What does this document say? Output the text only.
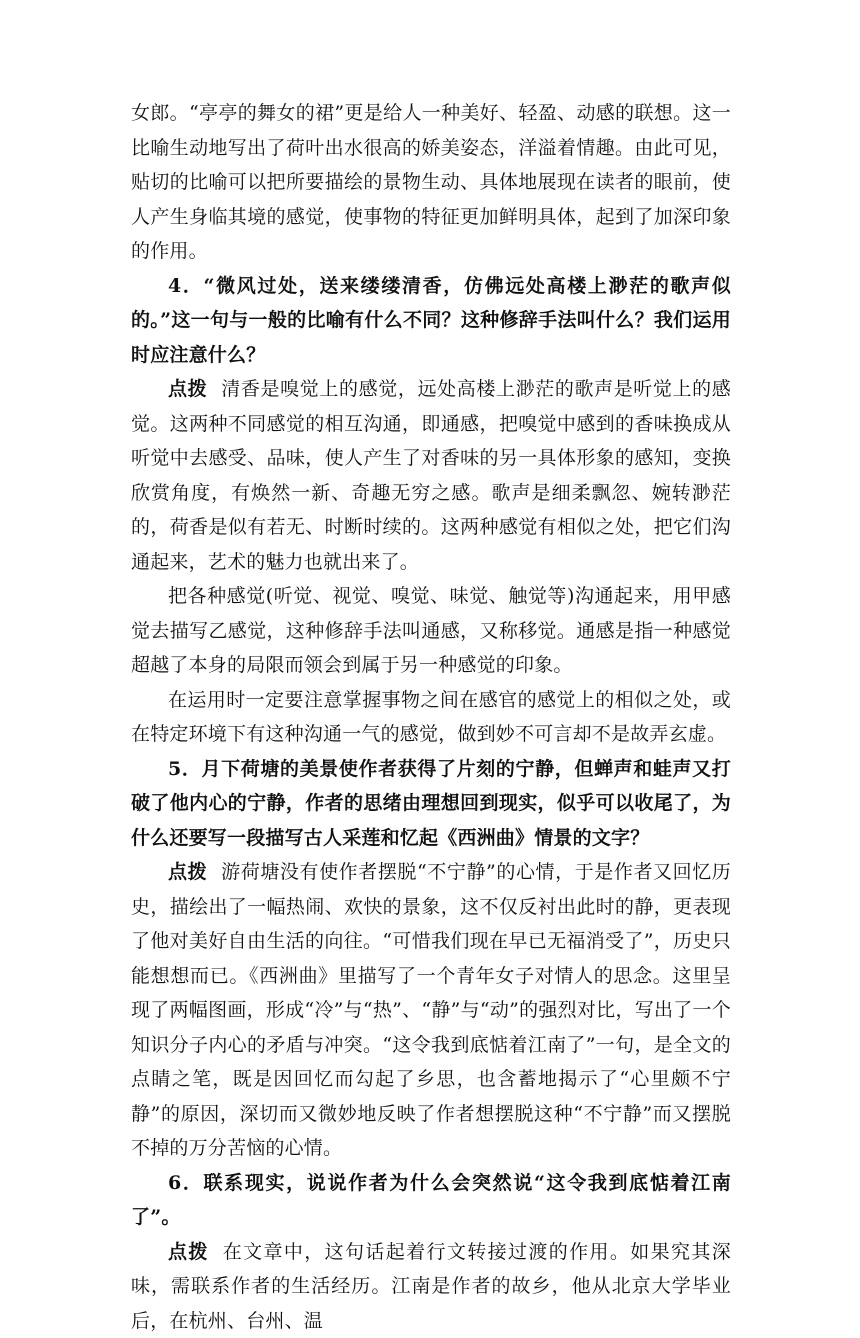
女郎。“亭亭的舞女的裙”更是给人一种美好、轻盈、动感的联想。这一比喻生动地写出了荷叶出水很高的娇美姿态，洋溢着情趣。由此可见，贴切的比喻可以把所要描绘的景物生动、具体地展现在读者的眼前，使人产生身临其境的感觉，使事物的特征更加鲜明具体，起到了加深印象的作用。

4．“微风过处，送来缕缕清香，仿佛远处高楼上渺茫的歌声似的。”这一句与一般的比喻有什么不同？这种修辞手法叫什么？我们运用时应注意什么？

点拨 清香是嗅觉上的感觉，远处高楼上渺茫的歌声是听觉上的感觉。这两种不同感觉的相互沟通，即通感，把嗅觉中感到的香味换成从听觉中去感受、品味，使人产生了对香味的另一具体形象的感知，变换欣赏角度，有焕然一新、奇趣无穷之感。歌声是细柔飘忽、婉转渺茫的，荷香是似有若无、时断时续的。这两种感觉有相似之处，把它们沟通起来，艺术的魅力也就出来了。

把各种感觉(听觉、视觉、嗅觉、味觉、触觉等)沟通起来，用甲感觉去描写乙感觉，这种修辞手法叫通感，又称移觉。通感是指一种感觉超越了本身的局限而领会到属于另一种感觉的印象。

在运用时一定要注意掌握事物之间在感官的感觉上的相似之处，或在特定环境下有这种沟通一气的感觉，做到妙不可言却不是故弄玄虚。

5．月下荷塘的美景使作者获得了片刻的宁静，但蝉声和蛙声又打破了他内心的宁静，作者的思绪由理想回到现实，似乎可以收尾了，为什么还要写一段描写古人采莲和忆起《西洲曲》情景的文字？

点拨 游荷塘没有使作者摆脱“不宁静”的心情，于是作者又回忆历史，描绘出了一幅热闹、欢快的景象，这不仅反衬出此时的静，更表现了他对美好自由生活的向往。“可惜我们现在早已无福消受了”，历史只能想想而已。《西洲曲》里描写了一个青年女子对情人的思念。这里呈现了两幅图画，形成“冷”与“热”、“静”与“动”的强烈对比，写出了一个知识分子内心的矛盾与冲突。“这令我到底惦着江南了”一句，是全文的点睛之笔，既是因回忆而勾起了乡思，也含蓄地揭示了“心里颇不宁静”的原因，深切而又微妙地反映了作者想摆脱这种“不宁静”而又摆脱不掉的万分苦恼的心情。

6．联系现实，说说作者为什么会突然说“这令我到底惦着江南了”。

点拨 在文章中，这句话起着行文转接过渡的作用。如果究其深味，需联系作者的生活经历。江南是作者的故乡，他从北京大学毕业后，在杭州、台州、温
